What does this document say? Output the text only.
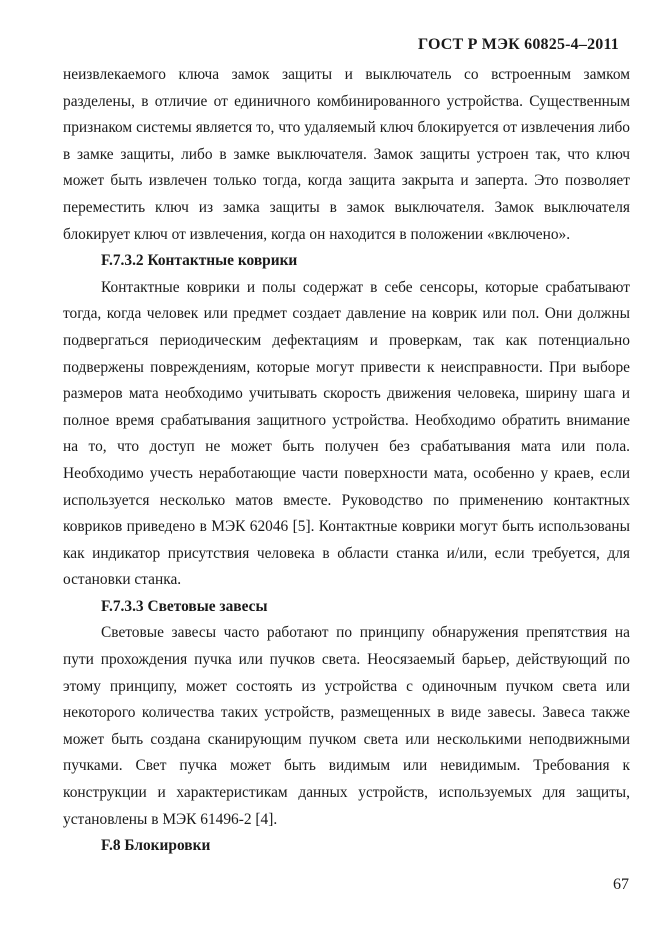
ГОСТ Р МЭК 60825-4–2011

неизвлекаемого ключа замок защиты и выключатель со встроенным замком разделены, в отличие от единичного комбинированного устройства. Существенным признаком системы является то, что удаляемый ключ блокируется от извлечения либо в замке защиты, либо в замке выключателя. Замок защиты устроен так, что ключ может быть извлечен только тогда, когда защита закрыта и заперта. Это позволяет переместить ключ из замка защиты в замок выключателя. Замок выключателя блокирует ключ от извлечения, когда он находится в положении «включено».

F.7.3.2 Контактные коврики

Контактные коврики и полы содержат в себе сенсоры, которые срабатывают тогда, когда человек или предмет создает давление на коврик или пол. Они должны подвергаться периодическим дефектациям и проверкам, так как потенциально подвержены повреждениям, которые могут привести к неисправности. При выборе размеров мата необходимо учитывать скорость движения человека, ширину шага и полное время срабатывания защитного устройства. Необходимо обратить внимание на то, что доступ не может быть получен без срабатывания мата или пола. Необходимо учесть неработающие части поверхности мата, особенно у краев, если используется несколько матов вместе. Руководство по применению контактных ковриков приведено в МЭК 62046 [5]. Контактные коврики могут быть использованы как индикатор присутствия человека в области станка и/или, если требуется, для остановки станка.

F.7.3.3 Световые завесы

Световые завесы часто работают по принципу обнаружения препятствия на пути прохождения пучка или пучков света. Неосязаемый барьер, действующий по этому принципу, может состоять из устройства с одиночным пучком света или некоторого количества таких устройств, размещенных в виде завесы. Завеса также может быть создана сканирующим пучком света или несколькими неподвижными пучками. Свет пучка может быть видимым или невидимым. Требования к конструкции и характеристикам данных устройств, используемых для защиты, установлены в МЭК 61496-2 [4].

F.8 Блокировки

67
